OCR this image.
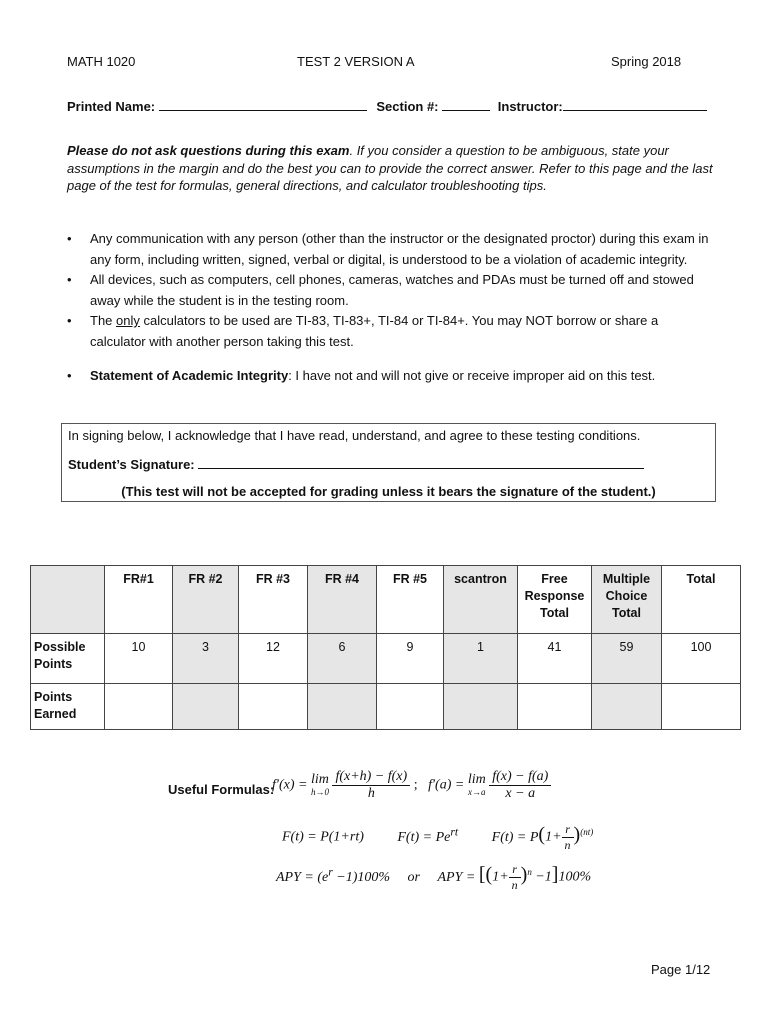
MATH 1020	TEST 2 VERSION A	Spring 2018
Printed Name:	Section #:	Instructor:
Please do not ask questions during this exam. If you consider a question to be ambiguous, state your assumptions in the margin and do the best you can to provide the correct answer. Refer to this page and the last page of the test for formulas, general directions, and calculator troubleshooting tips.
• Any communication with any person (other than the instructor or the designated proctor) during this exam in any form, including written, signed, verbal or digital, is understood to be a violation of academic integrity.
• All devices, such as computers, cell phones, cameras, watches and PDAs must be turned off and stowed away while the student is in the testing room.
• The only calculators to be used are TI-83, TI-83+, TI-84 or TI-84+. You may NOT borrow or share a calculator with another person taking this test.
• Statement of Academic Integrity: I have not and will not give or receive improper aid on this test.
In signing below, I acknowledge that I have read, understand, and agree to these testing conditions.
Student’s Signature:
(This test will not be accepted for grading unless it bears the signature of the student.)
	FR#1	FR #2	FR #3	FR #4	FR #5	scantron	Free Response Total	Multiple Choice Total	Total
Possible Points	10	3	12	6	9	1	41	59	100
Points Earned									
Useful Formulas:
f′(x) = lim
h→0
$\frac{f(x+h) - f(x)}{h}$ ; f′(a) = lim
x→a
$\frac{f(x) - f(a)}{x - a}$
F(t) = P(1+rt) $F(t) = Pe^{rt}$ $F(t) = P(1+ \frac{r}{n} )^{(nt)}$
APY = $(e^r -1)100\%$ or APY = $[(1+ \frac{r}{n} )^n -1]100\%$
Page 1/12
